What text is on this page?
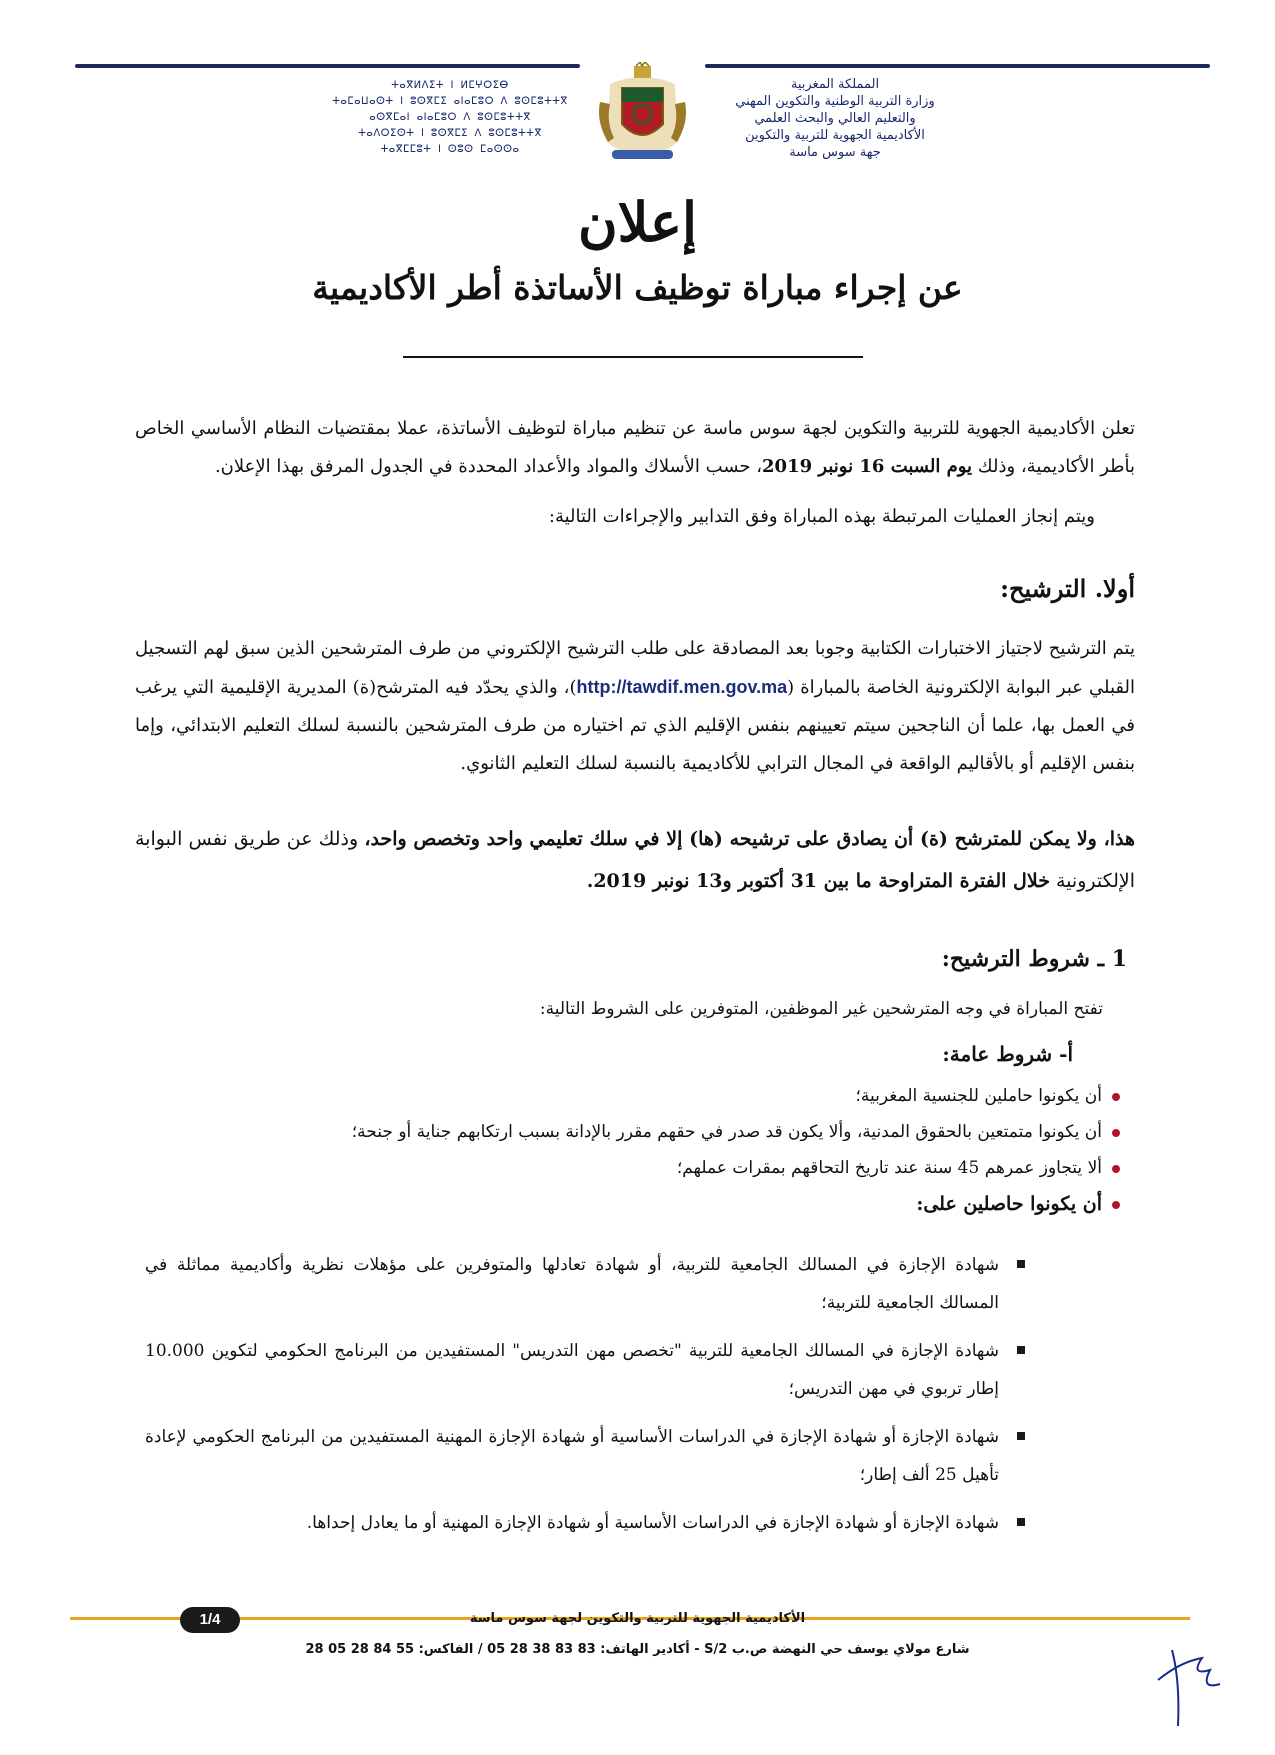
المملكة المغربية
وزارة التربية الوطنية والتكوين المهني
والتعليم العالي والبحث العلمي
الأكاديمية الجهوية للتربية والتكوين
جهة سوس ماسة
ⵜⴰⴳⵍⴷⵉⵜ ⵏ ⵍⵎⵖⵔⵉⴱ
ⵜⴰⵎⴰⵡⴰⵙⵜ ⵏ ⵓⵙⴳⵎⵉ ⴰⵏⴰⵎⵓⵔ ⴷ ⵓⵙⵎⵓⵜⵜⴳ
ⴰⵙⴳⵎⴰⵏ ⴰⵏⴰⵎⵓⵔ ⴷ ⵓⵙⵎⵓⵜⵜⴳ
ⵜⴰⴷⵔⵉⵙⵜ ⵏ ⵓⵙⴳⵎⵉ ⴷ ⵓⵙⵎⵓⵜⵜⴳ
ⵜⴰⴳⵎⵎⵓⵜ ⵏ ⵙⵓⵙ ⵎⴰⵙⵙⴰ
إعلان
عن إجراء مباراة توظيف الأساتذة أطر الأكاديمية
تعلن الأكاديمية الجهوية للتربية والتكوين لجهة سوس ماسة عن تنظيم مباراة لتوظيف الأساتذة، عملا بمقتضيات النظام الأساسي الخاص بأطر الأكاديمية، وذلك يوم السبت 16 نونبر 2019، حسب الأسلاك والمواد والأعداد المحددة في الجدول المرفق بهذا الإعلان.
ويتم إنجاز العمليات المرتبطة بهذه المباراة وفق التدابير والإجراءات التالية:
أولا. الترشيح:
يتم الترشيح لاجتياز الاختبارات الكتابية وجوبا بعد المصادقة على طلب الترشيح الإلكتروني من طرف المترشحين الذين سبق لهم التسجيل القبلي عبر البوابة الإلكترونية الخاصة بالمباراة (http://tawdif.men.gov.ma)، والذي يحدّد فيه المترشح(ة) المديرية الإقليمية التي يرغب في العمل بها، علما أن الناجحين سيتم تعيينهم بنفس الإقليم الذي تم اختياره من طرف المترشحين بالنسبة لسلك التعليم الابتدائي، وإما بنفس الإقليم أو بالأقاليم الواقعة في المجال الترابي للأكاديمية بالنسبة لسلك التعليم الثانوي.
هذا، ولا يمكن للمترشح (ة) أن يصادق على ترشيحه (ها) إلا في سلك تعليمي واحد وتخصص واحد، وذلك عن طريق نفس البوابة الإلكترونية خلال الفترة المتراوحة ما بين 31 أكتوبر و13 نونبر 2019.
1 ـ شروط الترشيح:
تفتح المباراة في وجه المترشحين غير الموظفين، المتوفرين على الشروط التالية:
أ- شروط عامة:
أن يكونوا حاملين للجنسية المغربية؛
أن يكونوا متمتعين بالحقوق المدنية، وألا يكون قد صدر في حقهم مقرر بالإدانة بسبب ارتكابهم جناية أو جنحة؛
ألا يتجاوز عمرهم 45 سنة عند تاريخ التحاقهم بمقرات عملهم؛
أن يكونوا حاصلين على:
شهادة الإجازة في المسالك الجامعية للتربية، أو شهادة تعادلها والمتوفرين على مؤهلات نظرية وأكاديمية مماثلة في المسالك الجامعية للتربية؛
شهادة الإجازة في المسالك الجامعية للتربية "تخصص مهن التدريس" المستفيدين من البرنامج الحكومي لتكوين 10.000 إطار تربوي في مهن التدريس؛
شهادة الإجازة أو شهادة الإجازة في الدراسات الأساسية أو شهادة الإجازة المهنية المستفيدين من البرنامج الحكومي لإعادة تأهيل 25 ألف إطار؛
شهادة الإجازة أو شهادة الإجازة في الدراسات الأساسية أو شهادة الإجازة المهنية أو ما يعادل إحداها.
1/4	الأكاديمية الجهوية للتربية والتكوين لجهة سوس ماسة
شارع مولاي يوسف حي النهضة ص.ب 2/S - أكادير الهاتف: 83 83 38 28 05 / الفاكس: 55 84 28 05 28
